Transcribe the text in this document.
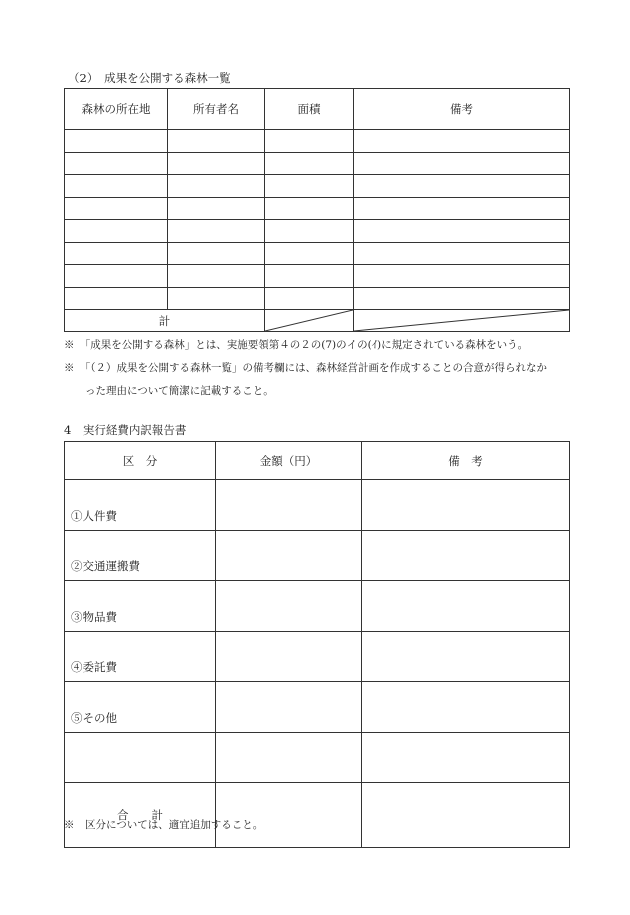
（2）　成果を公開する森林一覧
森林の所在地	所有者名	面積	備考

計	

※　「成果を公開する森林」とは、実施要領第４の２の(7)のイの(ｲ)に規定されている森林をいう。
※　「（２）成果を公開する森林一覧」の備考欄には、森林経営計画を作成することの合意が得られなか
　　った理由について簡潔に記載すること。
4　実行経費内訳報告書
区　分	金額（円）	備　考
①人件費		
②交通運搬費		
③物品費		
④委託費		
⑤その他		

合　　計		
※　区分については、適宜追加すること。
